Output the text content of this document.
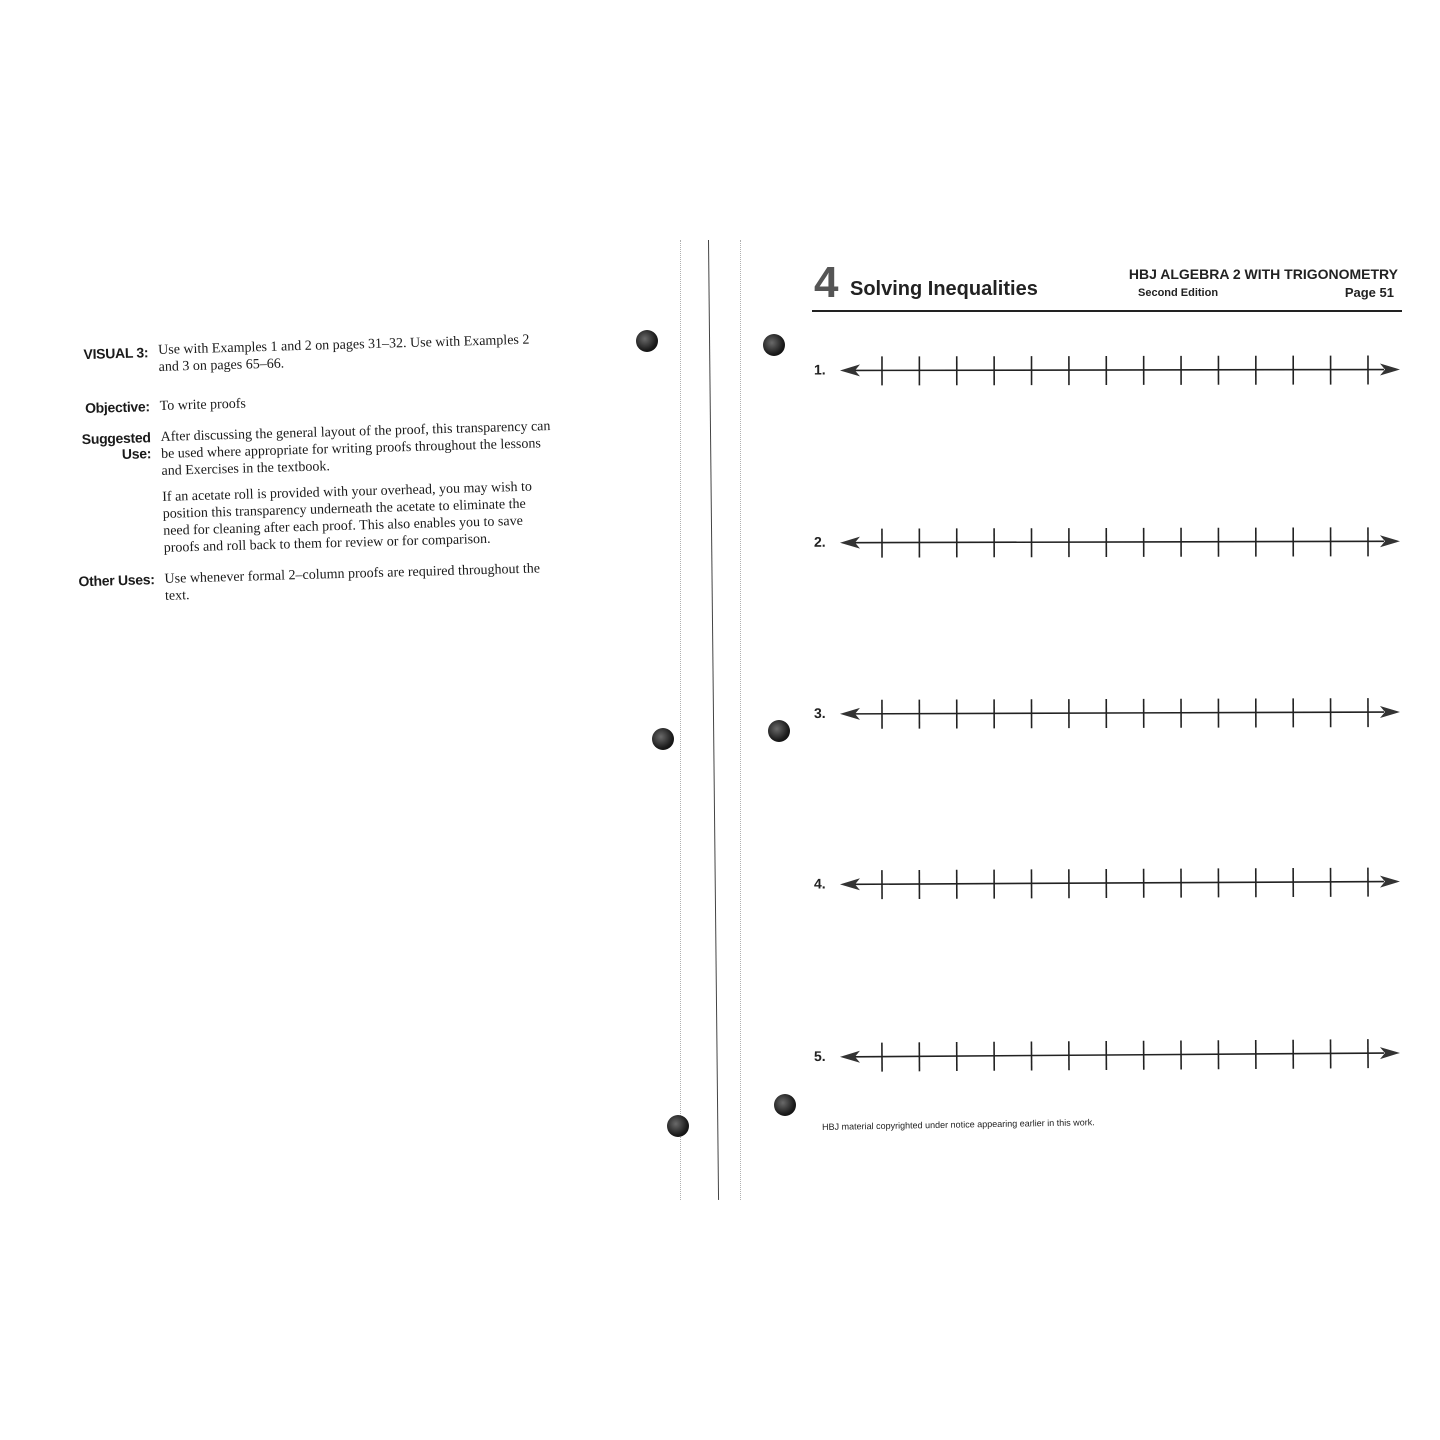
VISUAL 3: Use with Examples 1 and 2 on pages 31–32. Use with Examples 2 and 3 on pages 65–66.

Objective: To write proofs

Suggested Use:

After discussing the general layout of the proof, this transparency can be used where appropriate for writing proofs throughout the lessons and Exercises in the textbook.

If an acetate roll is provided with your overhead, you may wish to position this transparency underneath the acetate to eliminate the need for cleaning after each proof. This also enables you to save proofs and roll back to them for review or for comparison.

Other Uses: Use whenever formal 2–column proofs are required throughout the text.

4 Solving Inequalities
HBJ ALGEBRA 2 WITH TRIGONOMETRY
Second Edition	Page 51
1.
2.
3.
4.
5.
HBJ material copyrighted under notice appearing earlier in this work.
